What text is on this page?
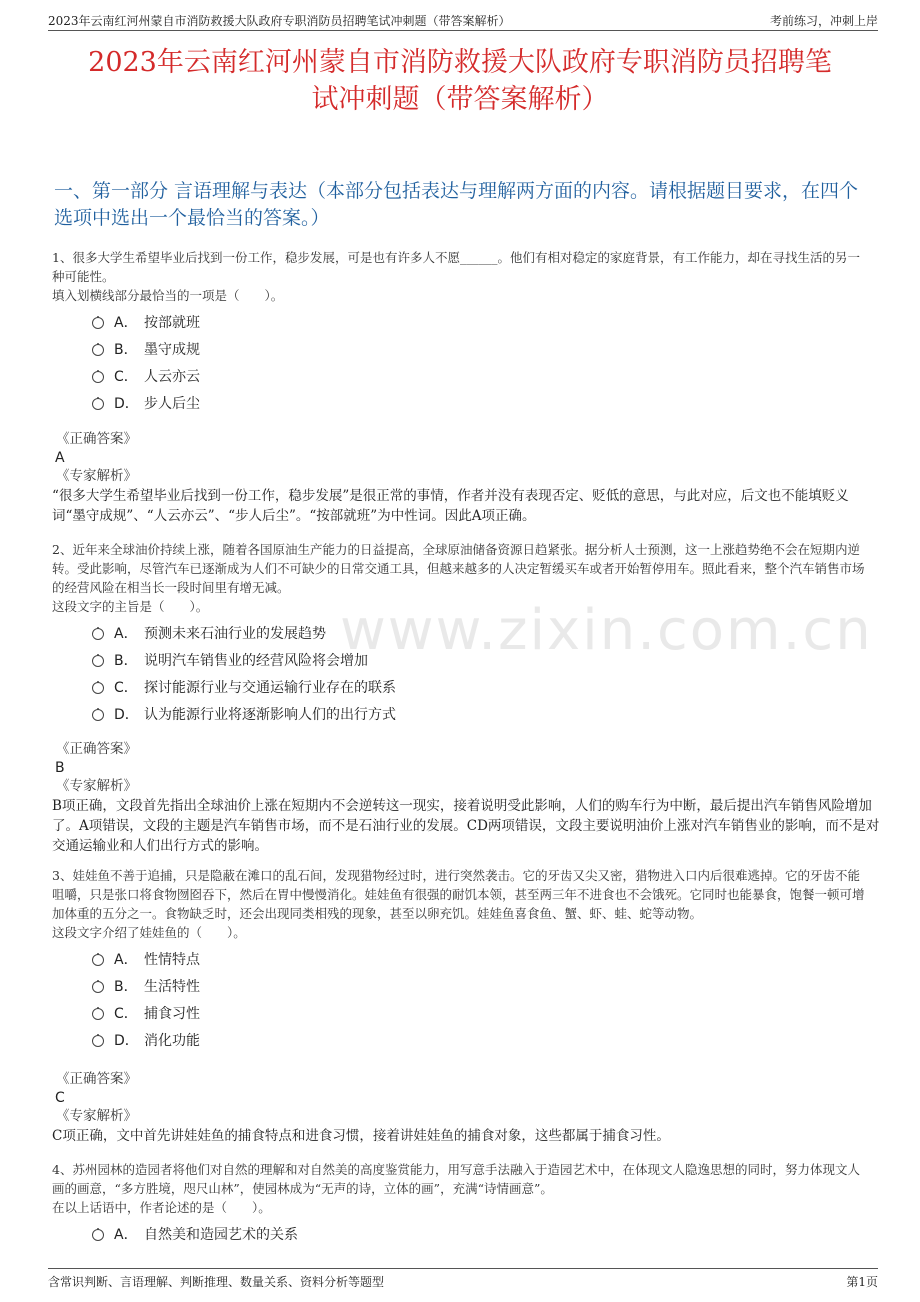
2023年云南红河州蒙自市消防救援大队政府专职消防员招聘笔试冲刺题（带答案解析）	考前练习，冲刺上岸
2023年云南红河州蒙自市消防救援大队政府专职消防员招聘笔
试冲刺题（带答案解析）
一、第一部分 言语理解与表达（本部分包括表达与理解两方面的内容。请根据题目要求，在四个选项中选出一个最恰当的答案。）
www.zixin.com.cn
1、很多大学生希望毕业后找到一份工作，稳步发展，可是也有许多人不愿______。他们有相对稳定的家庭背景，有工作能力，却在寻找生活的另一种可能性。
填入划横线部分最恰当的一项是（　　）。
A． 按部就班
B． 墨守成规
C． 人云亦云
D． 步人后尘
《正确答案》
A
《专家解析》
“很多大学生希望毕业后找到一份工作，稳步发展”是很正常的事情，作者并没有表现否定、贬低的意思，与此对应，后文也不能填贬义词“墨守成规”、“人云亦云”、“步人后尘”。“按部就班”为中性词。因此A项正确。
2、近年来全球油价持续上涨，随着各国原油生产能力的日益提高，全球原油储备资源日趋紧张。据分析人士预测，这一上涨趋势绝不会在短期内逆转。受此影响，尽管汽车已逐渐成为人们不可缺少的日常交通工具，但越来越多的人决定暂缓买车或者开始暂停用车。照此看来，整个汽车销售市场的经营风险在相当长一段时间里有增无减。
这段文字的主旨是（　　）。
A． 预测未来石油行业的发展趋势
B． 说明汽车销售业的经营风险将会增加
C． 探讨能源行业与交通运输行业存在的联系
D． 认为能源行业将逐渐影响人们的出行方式
《正确答案》
B
《专家解析》
B项正确，文段首先指出全球油价上涨在短期内不会逆转这一现实，接着说明受此影响，人们的购车行为中断，最后提出汽车销售风险增加了。A项错误，文段的主题是汽车销售市场，而不是石油行业的发展。CD两项错误，文段主要说明油价上涨对汽车销售业的影响，而不是对交通运输业和人们出行方式的影响。
3、娃娃鱼不善于追捕，只是隐蔽在滩口的乱石间，发现猎物经过时，进行突然袭击。它的牙齿又尖又密，猎物进入口内后很难逃掉。它的牙齿不能咀嚼，只是张口将食物囫囵吞下，然后在胃中慢慢消化。娃娃鱼有很强的耐饥本领，甚至两三年不进食也不会饿死。它同时也能暴食，饱餐一顿可增加体重的五分之一。食物缺乏时，还会出现同类相残的现象，甚至以卵充饥。娃娃鱼喜食鱼、蟹、虾、蛙、蛇等动物。
这段文字介绍了娃娃鱼的（　　）。
A． 性情特点
B． 生活特性
C． 捕食习性
D． 消化功能
《正确答案》
C
《专家解析》
C项正确，文中首先讲娃娃鱼的捕食特点和进食习惯，接着讲娃娃鱼的捕食对象，这些都属于捕食习性。
4、苏州园林的造园者将他们对自然的理解和对自然美的高度鉴赏能力，用写意手法融入于造园艺术中，在体现文人隐逸思想的同时，努力体现文人画的画意，“多方胜境，咫尺山林”，使园林成为“无声的诗，立体的画”，充满“诗情画意”。
在以上话语中，作者论述的是（　　）。
A． 自然美和造园艺术的关系
含常识判断、言语理解、判断推理、数量关系、资料分析等题型	第1页
